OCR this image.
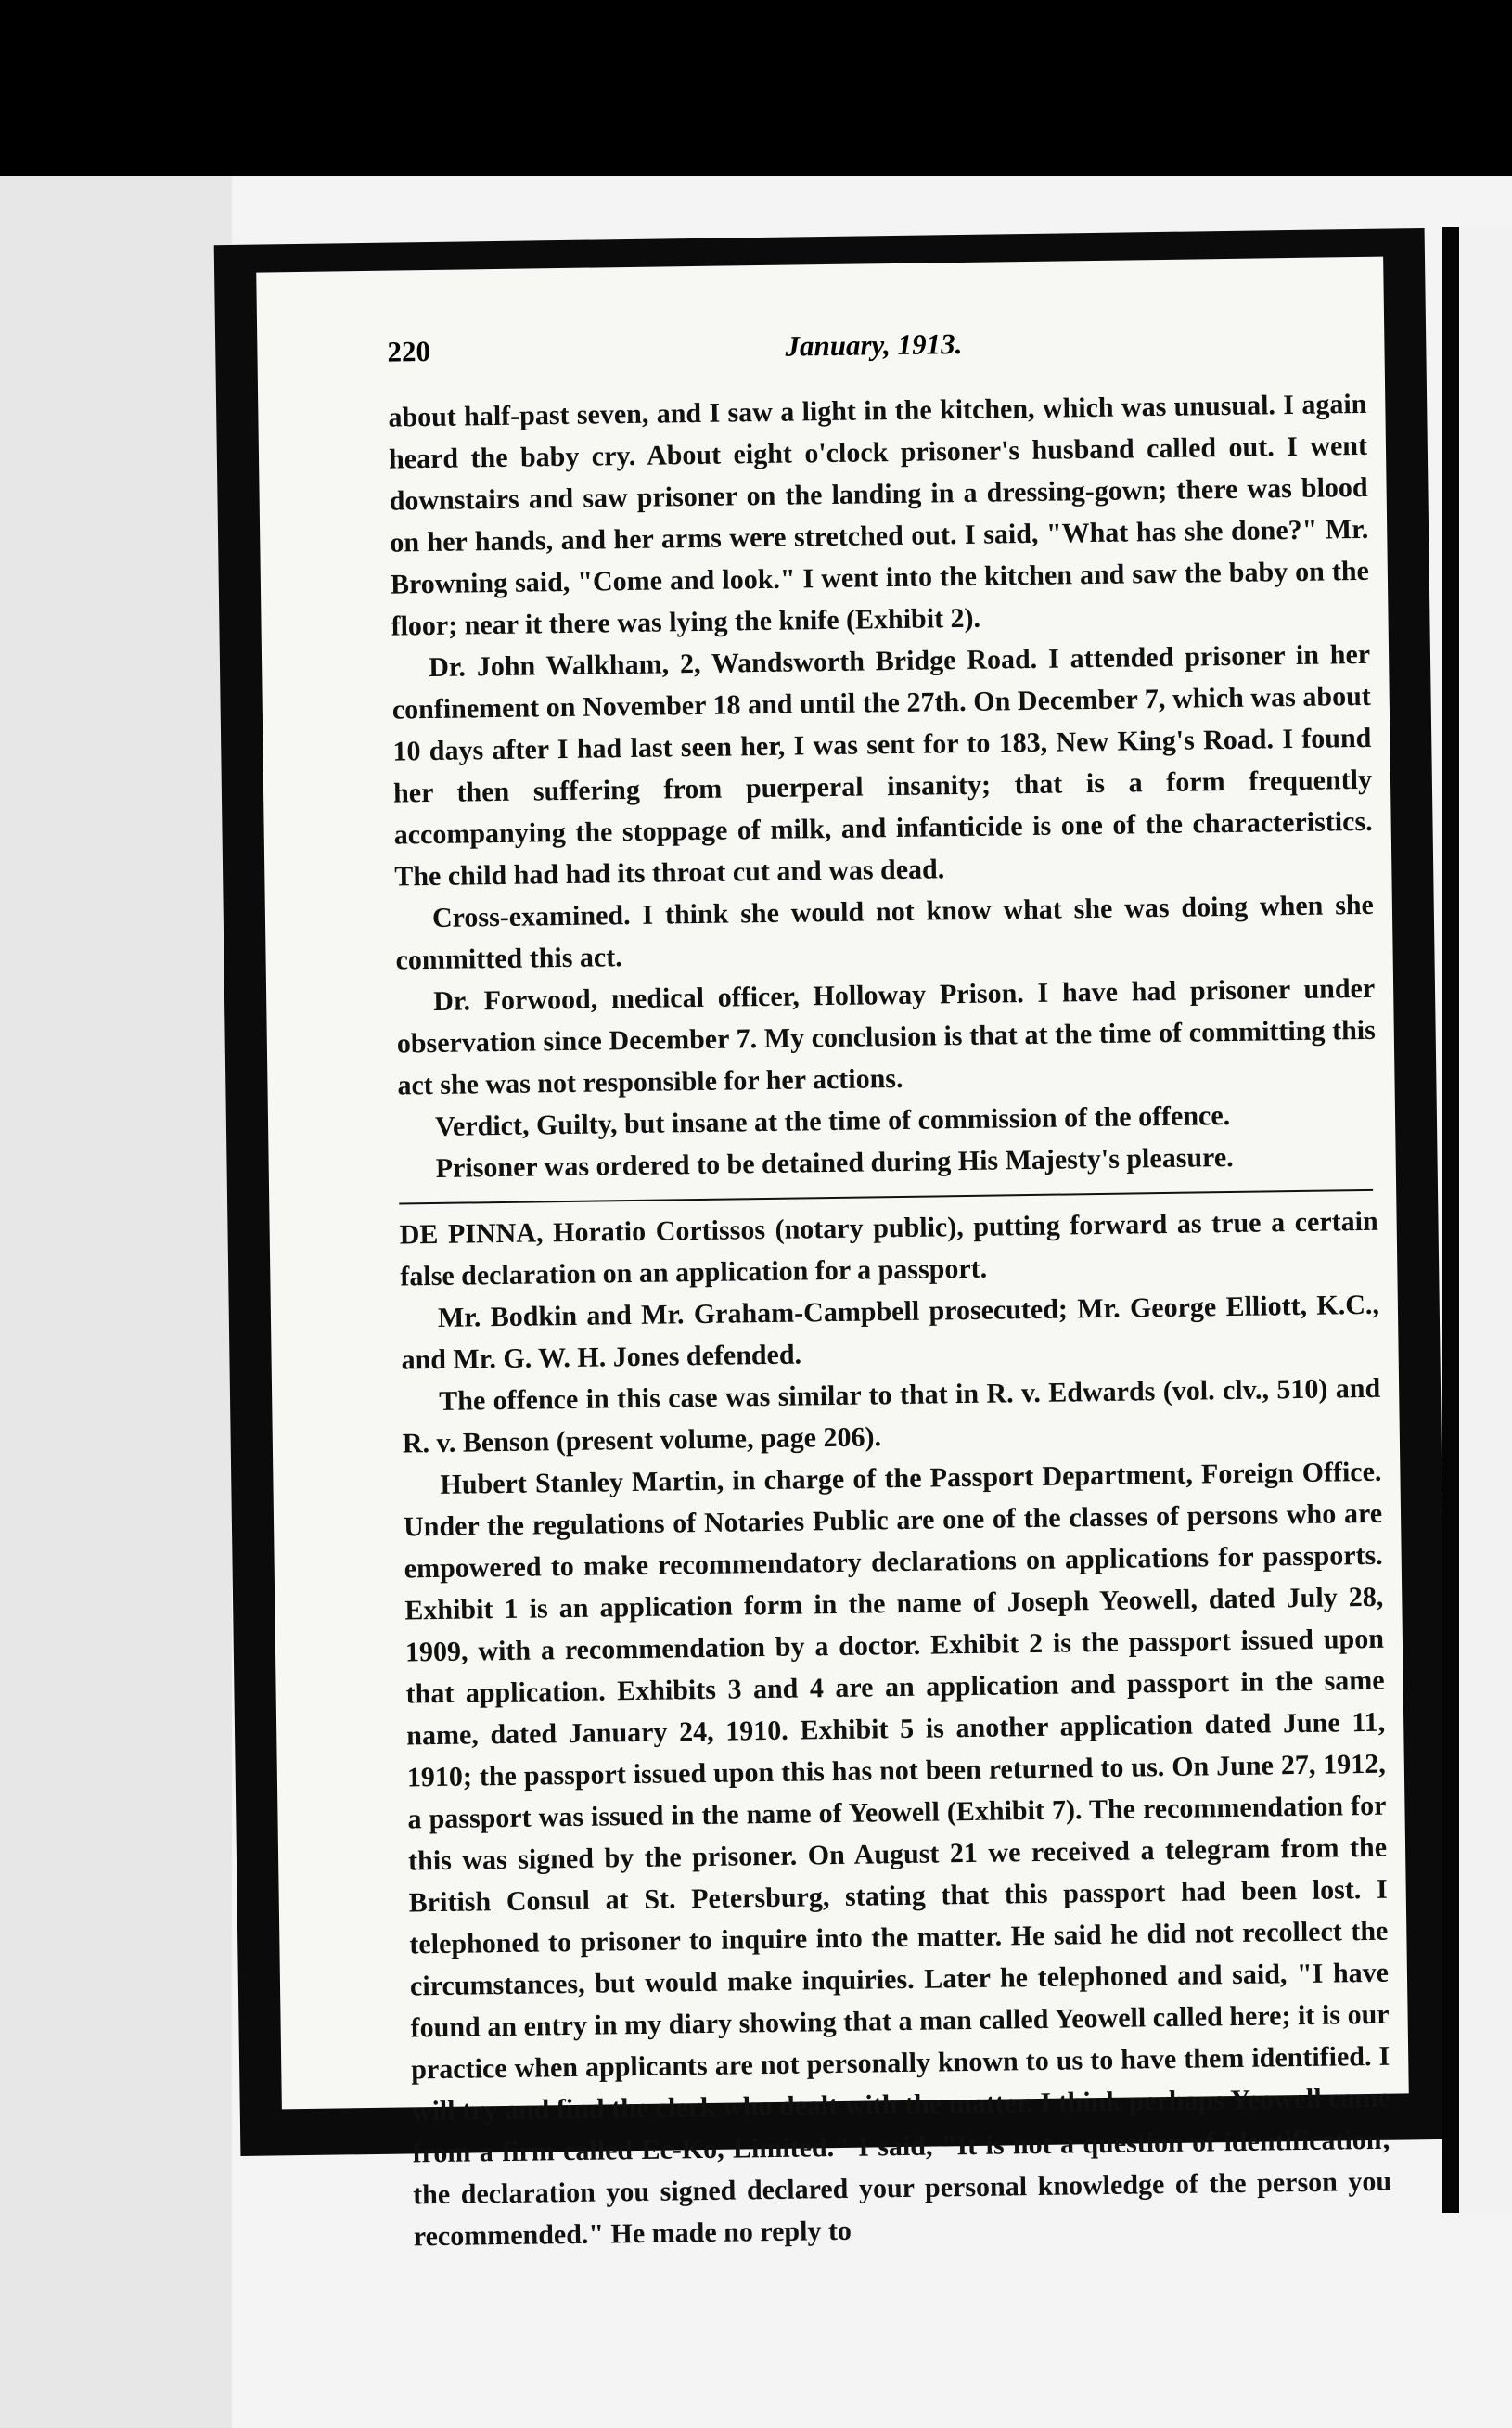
220	January, 1913.

about half-past seven, and I saw a light in the kitchen, which was unusual. I again heard the baby cry. About eight o'clock prisoner's husband called out. I went downstairs and saw prisoner on the landing in a dressing-gown; there was blood on her hands, and her arms were stretched out. I said, "What has she done?" Mr. Browning said, "Come and look." I went into the kitchen and saw the baby on the floor; near it there was lying the knife (Exhibit 2).

Dr. John Walkham, 2, Wandsworth Bridge Road. I attended prisoner in her confinement on November 18 and until the 27th. On December 7, which was about 10 days after I had last seen her, I was sent for to 183, New King's Road. I found her then suffering from puerperal insanity; that is a form frequently accompanying the stoppage of milk, and infanticide is one of the characteristics. The child had had its throat cut and was dead.

Cross-examined. I think she would not know what she was doing when she committed this act.

Dr. Forwood, medical officer, Holloway Prison. I have had prisoner under observation since December 7. My conclusion is that at the time of committing this act she was not responsible for her actions.

Verdict, Guilty, but insane at the time of commission of the offence.

Prisoner was ordered to be detained during His Majesty's pleasure.

DE PINNA, Horatio Cortissos (notary public), putting forward as true a certain false declaration on an application for a passport.

Mr. Bodkin and Mr. Graham-Campbell prosecuted; Mr. George Elliott, K.C., and Mr. G. W. H. Jones defended.

The offence in this case was similar to that in R. v. Edwards (vol. clv., 510) and R. v. Benson (present volume, page 206).

Hubert Stanley Martin, in charge of the Passport Department, Foreign Office. Under the regulations of Notaries Public are one of the classes of persons who are empowered to make recommendatory declarations on applications for passports. Exhibit 1 is an application form in the name of Joseph Yeowell, dated July 28, 1909, with a recommendation by a doctor. Exhibit 2 is the passport issued upon that application. Exhibits 3 and 4 are an application and passport in the same name, dated January 24, 1910. Exhibit 5 is another application dated June 11, 1910; the passport issued upon this has not been returned to us. On June 27, 1912, a passport was issued in the name of Yeowell (Exhibit 7). The recommendation for this was signed by the prisoner. On August 21 we received a telegram from the British Consul at St. Petersburg, stating that this passport had been lost. I telephoned to prisoner to inquire into the matter. He said he did not recollect the circumstances, but would make inquiries. Later he telephoned and said, "I have found an entry in my diary showing that a man called Yeowell called here; it is our practice when applicants are not personally known to us to have them identified. I will try and find the clerk who dealt with the matter. I think perhaps Yeowell came from a firm called Ec-Ko, Limited." I said, "It is not a question of identification; the declaration you signed declared your personal knowledge of the person you recommended." He made no reply to
